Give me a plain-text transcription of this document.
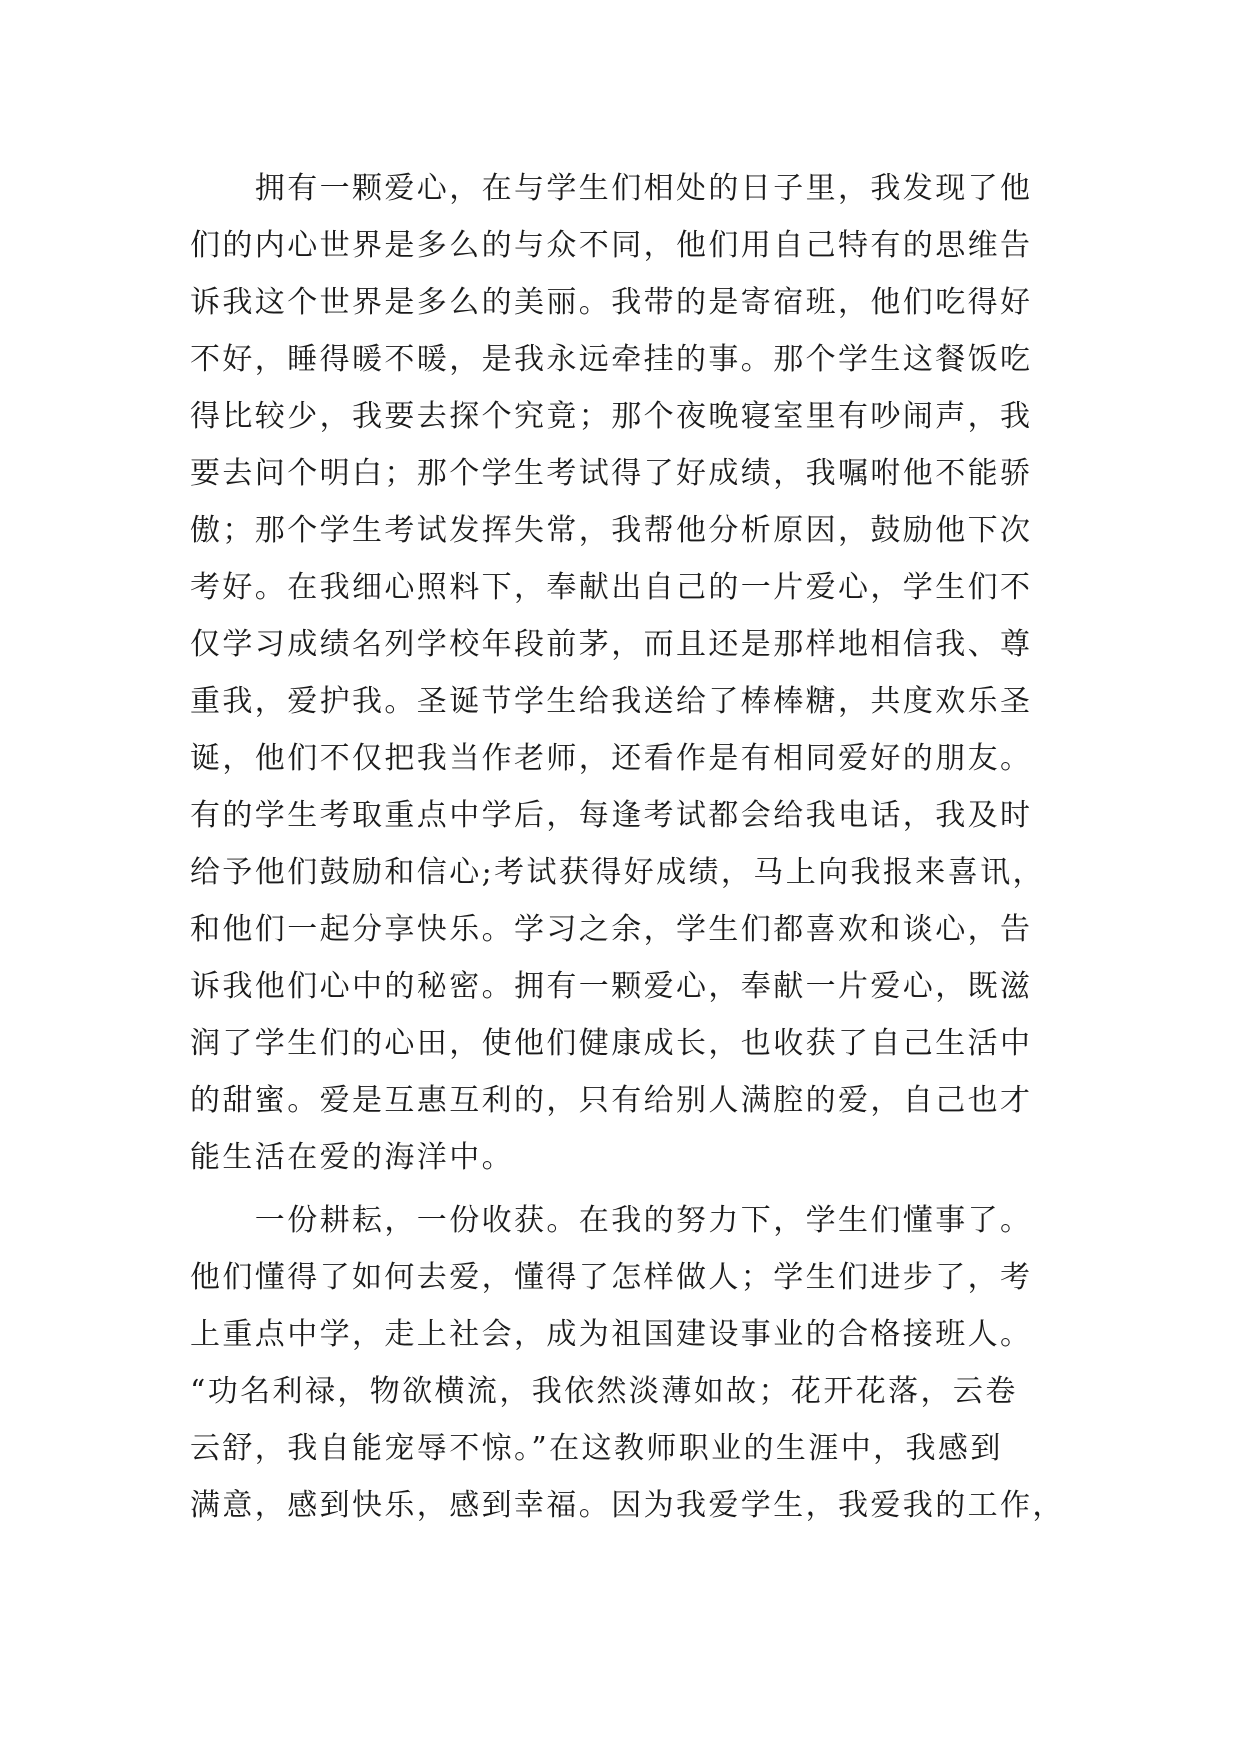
　　拥有一颗爱心，在与学生们相处的日子里，我发现了他
们的内心世界是多么的与众不同，他们用自己特有的思维告
诉我这个世界是多么的美丽。我带的是寄宿班，他们吃得好
不好，睡得暖不暖，是我永远牵挂的事。那个学生这餐饭吃
得比较少，我要去探个究竟；那个夜晚寝室里有吵闹声，我
要去问个明白；那个学生考试得了好成绩，我嘱咐他不能骄
傲；那个学生考试发挥失常，我帮他分析原因，鼓励他下次
考好。在我细心照料下，奉献出自己的一片爱心，学生们不
仅学习成绩名列学校年段前茅，而且还是那样地相信我、尊
重我，爱护我。圣诞节学生给我送给了棒棒糖，共度欢乐圣
诞，他们不仅把我当作老师，还看作是有相同爱好的朋友。
有的学生考取重点中学后，每逢考试都会给我电话，我及时
给予他们鼓励和信心;考试获得好成绩，马上向我报来喜讯，
和他们一起分享快乐。学习之余，学生们都喜欢和谈心，告
诉我他们心中的秘密。拥有一颗爱心，奉献一片爱心，既滋
润了学生们的心田，使他们健康成长，也收获了自己生活中
的甜蜜。爱是互惠互利的，只有给别人满腔的爱，自己也才
能生活在爱的海洋中。
　　一份耕耘，一份收获。在我的努力下，学生们懂事了。
他们懂得了如何去爱，懂得了怎样做人；学生们进步了，考
上重点中学，走上社会，成为祖国建设事业的合格接班人。
“功名利禄，物欲横流，我依然淡薄如故；花开花落，云卷
云舒，我自能宠辱不惊。”在这教师职业的生涯中，我感到
满意，感到快乐，感到幸福。因为我爱学生，我爱我的工作，
